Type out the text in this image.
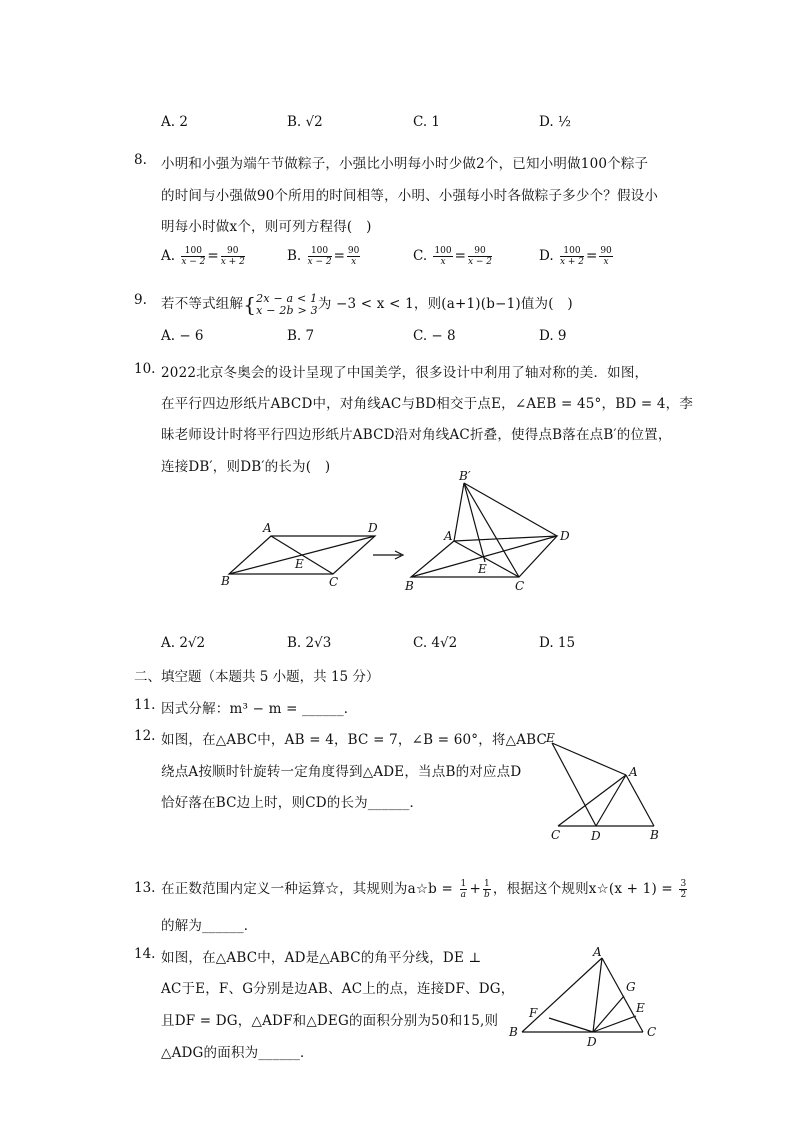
A. 2	B. √2	C. 1	D. ½
8. 小明和小强为端午节做粽子，小强比小明每小时少做2个，已知小明做100个粽子
的时间与小强做90个所用的时间相等，小明、小强每小时各做粽子多少个？假设小
明每小时做x个，则可列方程得(　)
A. $\frac{100}{x - 2} = \frac{90}{x + 2}$	B. $\frac{100}{x - 2} = \frac{90}{x}$	C. $\frac{100}{x} = \frac{90}{x - 2}$	D. $\frac{100}{x + 2} = \frac{90}{x}$
9. 若不等式组解{ 2x − a < 1
x − 2b > 3 为 −3 < x < 1，则(a+1)(b−1)值为(　)
A. − 6	B. 7	C. − 8	D. 9
10. 2022北京冬奥会的设计呈现了中国美学，很多设计中利用了轴对称的美．如图，
在平行四边形纸片ABCD中，对角线AC与BD相交于点E，∠AEB = 45°，BD = 4，李
昧老师设计时将平行四边形纸片ABCD沿对角线AC折叠，使得点B落在点B′的位置，
连接DB′，则DB′的长为(　)
A	D
E
B	C
B′
A	D
E
B	C
A. 2√2	B. 2√3	C. 4√2	D. 15
二、填空题（本题共 5 小题，共 15 分）
11. 因式分解：m³ − m = ______．
12. 如图，在△ABC中，AB = 4，BC = 7，∠B = 60°，将△ABC
绕点A按顺时针旋转一定角度得到△ADE，当点B的对应点D
恰好落在BC边上时，则CD的长为______．
E
A
C	D	B
13. 在正数范围内定义一种运算☆，其规则为a☆b = $\frac{1}{a} + \frac{1}{b}$ ，根据这个规则x☆(x + $1) = \frac{3}{2}$
的解为______．
14. 如图，在△ABC中，AD是△ABC的角平分线，DE ⊥
AC于E，F、G分别是边AB、AC上的点，连接DF、DG，
且DF = DG，△ADF和△DEG的面积分别为50和15,则
△ADG的面积为______．
A
G
E
F
B
D
C
